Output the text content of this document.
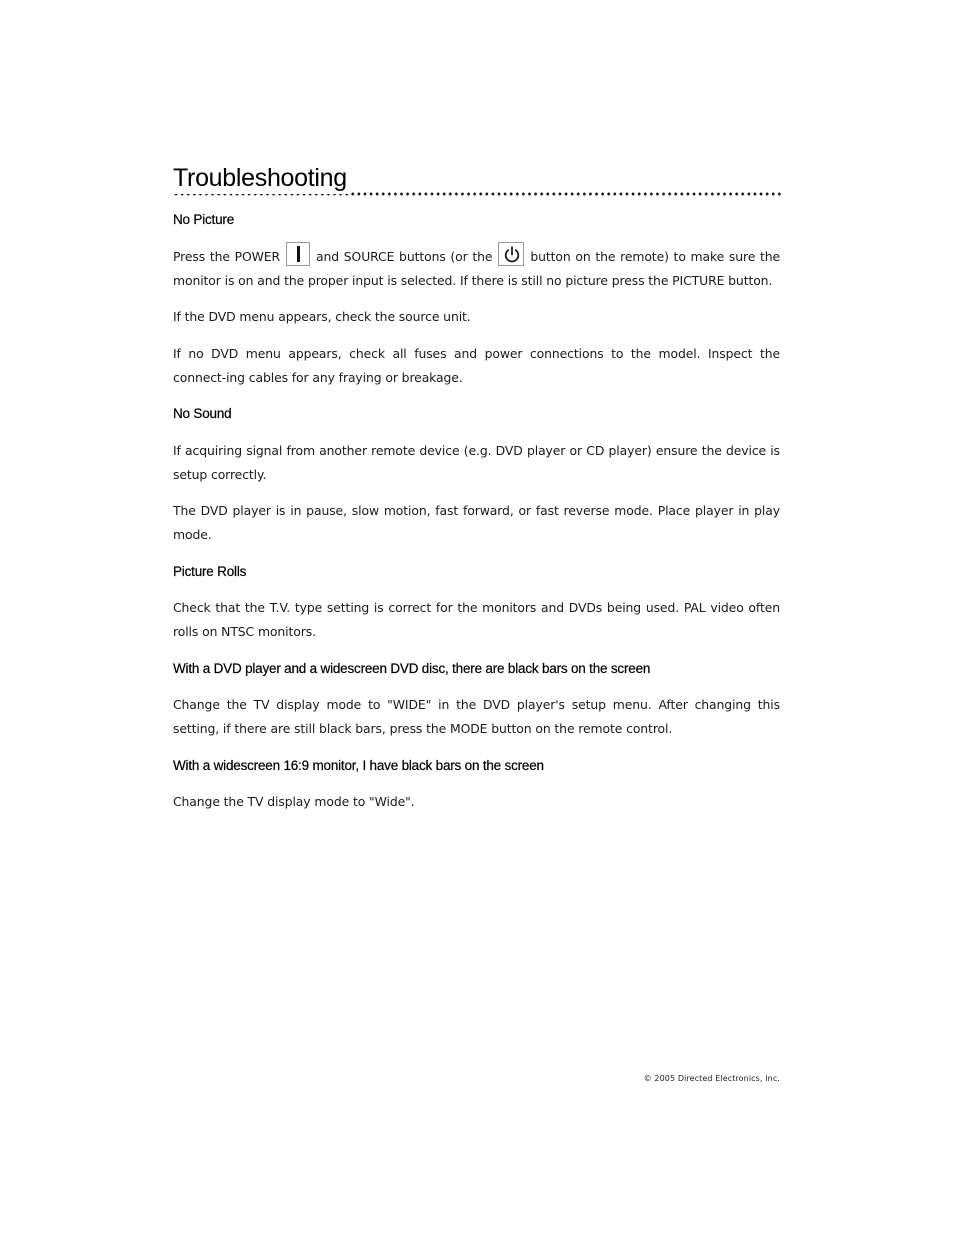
Troubleshooting
No Picture

Press the POWER	and SOURCE buttons (or the	button on the remote) to make sure the monitor is on and the proper input is selected. If there is still no picture press the PICTURE button.

If the DVD menu appears, check the source unit.

If no DVD menu appears, check all fuses and power connections to the model. Inspect the connect-ing cables for any fraying or breakage.

No Sound

If acquiring signal from another remote device (e.g. DVD player or CD player) ensure the device is setup correctly.

The DVD player is in pause, slow motion, fast forward, or fast reverse mode. Place player in play mode.

Picture Rolls

Check that the T.V. type setting is correct for the monitors and DVDs being used. PAL video often rolls on NTSC monitors.

With a DVD player and a widescreen DVD disc, there are black bars on the screen

Change the TV display mode to "WIDE" in the DVD player's setup menu. After changing this setting, if there are still black bars, press the MODE button on the remote control.

With a widescreen 16:9 monitor, I have black bars on the screen

Change the TV display mode to "Wide".

© 2005 Directed Electronics, Inc.
